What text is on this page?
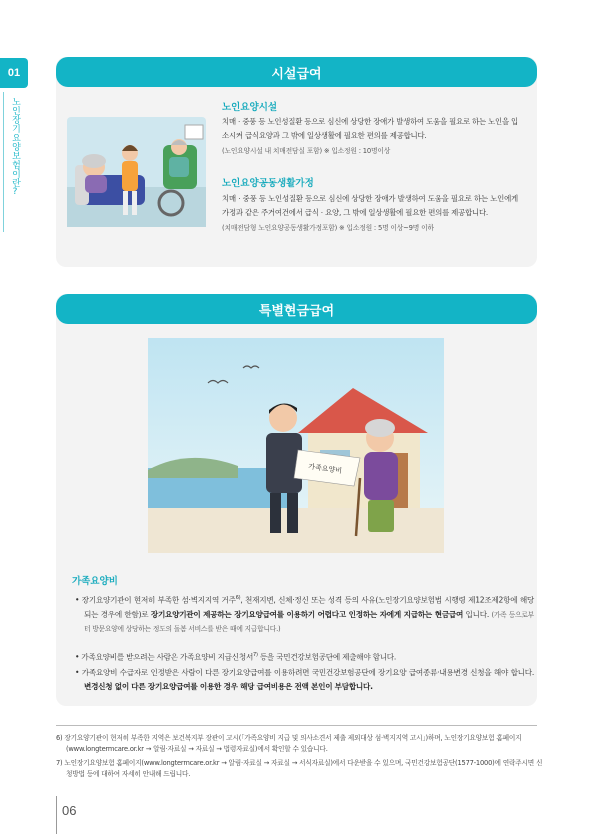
01
노인장기요양보험이란?
시설급여
노인요양시설
치매 · 중풍 등 노인성질환 등으로 심신에 상당한 장애가 발생하여 도움을 필요로 하는 노인을 입소시켜 급식요양과 그 밖에 일상생활에 필요한 편의를 제공합니다.
(노인요양시설 내 치매전담실 포함) ※ 입소정원 : 10명이상
노인요양공동생활가정
치매 · 중풍 등 노인성질환 등으로 심신에 상당한 장애가 발생하여 도움을 필요로 하는 노인에게 가정과 같은 주거여건에서 급식 · 요양, 그 밖에 일상생활에 필요한 편의를 제공합니다.
(치매전담형 노인요양공동생활가정포함) ※ 입소정원 : 5명 이상~9명 이하
특별현금급여
가족요양비
가족요양비
• 장기요양기관이 현저히 부족한 섬·벽지지역 거주$^{6)}$, 천재지변, 신체·정신 또는 성격 등의 사유(노인장기요양보험법 시행령 제12조제2항에 해당되는 경우에 한함)로 장기요양기관이 제공하는 장기요양급여를 이용하기 어렵다고 인정하는 자에게 지급하는 현금급여 입니다. (가족 등으로부터 방문요양에 상당하는 정도의 돌봄 서비스를 받은 때에 지급합니다.)
• 가족요양비를 받으려는 사람은 가족요양비 지급신청서$^{7)}$ 등을 국민건강보험공단에 제출해야 합니다.
• 가족요양비 수급자로 인정받은 사람이 다른 장기요양급여를 이용하려면 국민건강보험공단에 장기요양 급여종류·내용변경 신청을 해야 합니다. 변경신청 없이 다른 장기요양급여를 이용한 경우 해당 급여비용은 전액 본인이 부담합니다.
6) 장기요양기관이 현저히 부족한 지역은 보건복지부 장관이 고시(「가족요양비 지급 및 의사소견서 제출 제외대상 섬·벽지지역 고시」)하며, 노인장기요양보험 홈페이지(www.longtermcare.or.kr → 알림·자료실 → 자료실 → 법령자료실)에서 확인할 수 있습니다.
7) 노인장기요양보험 홈페이지(www.longtermcare.or.kr → 알림·자료실 → 자료실 → 서식자료실)에서 다운받을 수 있으며, 국민건강보험공단(1577-1000)에 연락주시면 신청방법 등에 대하여 자세히 안내해 드립니다.
06
